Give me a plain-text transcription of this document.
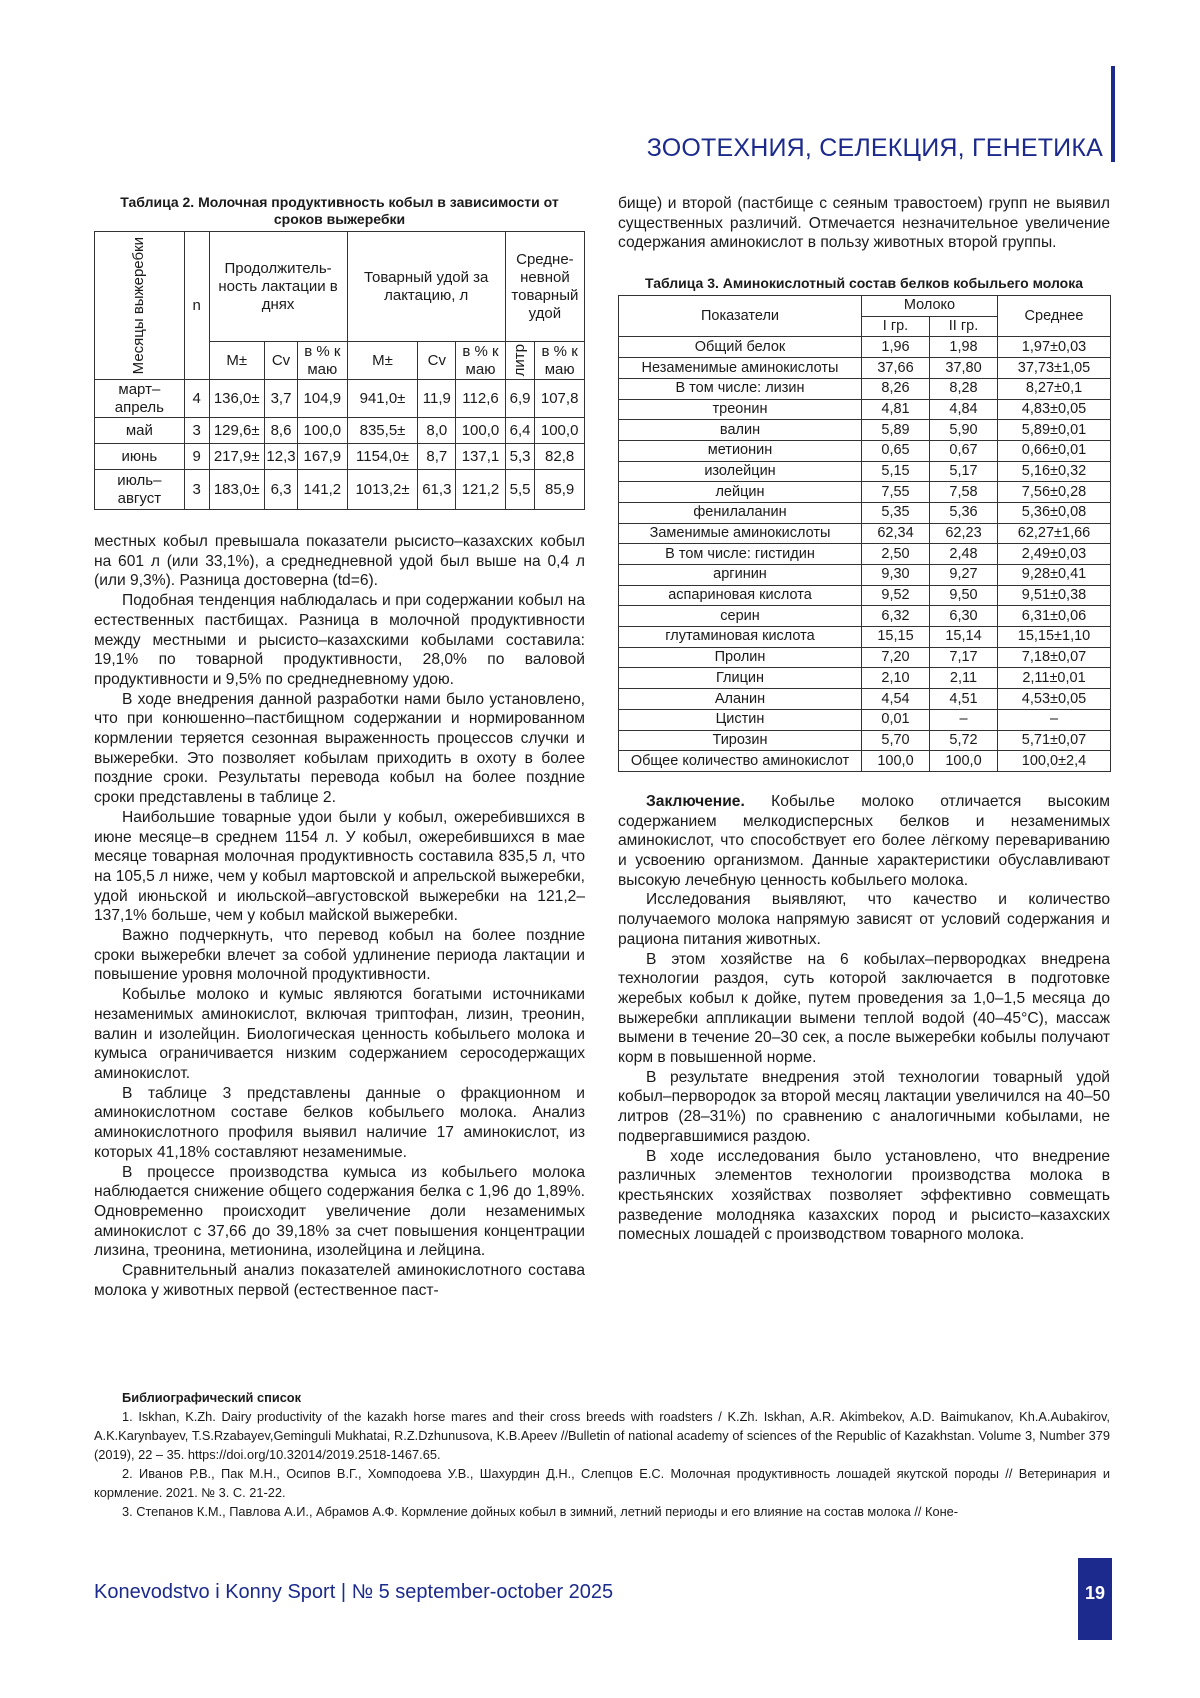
ЗООТЕХНИЯ, СЕЛЕКЦИЯ, ГЕНЕТИКА
Таблица 2. Молочная продуктивность кобыл в зависимости от сроков выжеребки
Месяцы выжеребки	n	Продолжитель-ность лактации в днях			Товарный удой за лактацию, л			Средне-невной товарный удой	
		М±	Cv	в % к маю	М±	Cv	в % к маю	литр	в % к маю
март–апрель	4	136,0±	3,7	104,9	941,0±	11,9	112,6	6,9	107,8
май	3	129,6±	8,6	100,0	835,5±	8,0	100,0	6,4	100,0
июнь	9	217,9±	12,3	167,9	1154,0±	8,7	137,1	5,3	82,8
июль–август	3	183,0±	6,3	141,2	1013,2±	61,3	121,2	5,5	85,9

местных кобыл превышала показатели рысисто–казахских кобыл на 601 л (или 33,1%), а среднедневной удой был выше на 0,4 л (или 9,3%). Разница достоверна (td=6).

Подобная тенденция наблюдалась и при содержании кобыл на естественных пастбищах. Разница в молочной продуктивности между местными и рысисто–казахскими кобылами составила: 19,1% по товарной продуктивности, 28,0% по валовой продуктивности и 9,5% по среднедневному удою.

В ходе внедрения данной разработки нами было установлено, что при конюшенно–пастбищном содержании и нормированном кормлении теряется сезонная выраженность процессов случки и выжеребки. Это позволяет кобылам приходить в охоту в более поздние сроки. Результаты перевода кобыл на более поздние сроки представлены в таблице 2.

Наибольшие товарные удои были у кобыл, ожеребившихся в июне месяце–в среднем 1154 л. У кобыл, ожеребившихся в мае месяце товарная молочная продуктивность составила 835,5 л, что на 105,5 л ниже, чем у кобыл мартовской и апрельской выжеребки, удой июньской и июльской–августовской выжеребки на 121,2–137,1% больше, чем у кобыл майской выжеребки.

Важно подчеркнуть, что перевод кобыл на более поздние сроки выжеребки влечет за собой удлинение периода лактации и повышение уровня молочной продуктивности.

Кобылье молоко и кумыс являются богатыми источниками незаменимых аминокислот, включая триптофан, лизин, треонин, валин и изолейцин. Биологическая ценность кобыльего молока и кумыса ограничивается низким содержанием серосодержащих аминокислот.

В таблице 3 представлены данные о фракционном и аминокислотном составе белков кобыльего молока. Анализ аминокислотного профиля выявил наличие 17 аминокислот, из которых 41,18% составляют незаменимые.

В процессе производства кумыса из кобыльего молока наблюдается снижение общего содержания белка с 1,96 до 1,89%. Одновременно происходит увеличение доли незаменимых аминокислот с 37,66 до 39,18% за счет повышения концентрации лизина, треонина, метионина, изолейцина и лейцина.

Сравнительный анализ показателей аминокислотного состава молока у животных первой (естественное паст-

бище) и второй (пастбище с сеяным травостоем) групп не выявил существенных различий. Отмечается незначительное увеличение содержания аминокислот в пользу животных второй группы.

Таблица 3. Аминокислотный состав белков кобыльего молока
Показатели	Молоко		Среднее
	I гр.	II гр.	
Общий белок	1,96	1,98	1,97±0,03
Незаменимые аминокислоты	37,66	37,80	37,73±1,05
В том числе: лизин	8,26	8,28	8,27±0,1
треонин	4,81	4,84	4,83±0,05
валин	5,89	5,90	5,89±0,01
метионин	0,65	0,67	0,66±0,01
изолейцин	5,15	5,17	5,16±0,32
лейцин	7,55	7,58	7,56±0,28
фенилаланин	5,35	5,36	5,36±0,08
Заменимые аминокислоты	62,34	62,23	62,27±1,66
В том числе: гистидин	2,50	2,48	2,49±0,03
аргинин	9,30	9,27	9,28±0,41
аспариновая кислота	9,52	9,50	9,51±0,38
серин	6,32	6,30	6,31±0,06
глутаминовая кислота	15,15	15,14	15,15±1,10
Пролин	7,20	7,17	7,18±0,07
Глицин	2,10	2,11	2,11±0,01
Аланин	4,54	4,51	4,53±0,05
Цистин	0,01	–	–
Тирозин	5,70	5,72	5,71±0,07
Общее количество аминокислот	100,0	100,0	100,0±2,4

Заключение. Кобылье молоко отличается высоким содержанием мелкодисперсных белков и незаменимых аминокислот, что способствует его более лёгкому перевариванию и усвоению организмом. Данные характеристики обуславливают высокую лечебную ценность кобыльего молока.

Исследования выявляют, что качество и количество получаемого молока напрямую зависят от условий содержания и рациона питания животных.

В этом хозяйстве на 6 кобылах–первородках внедрена технологии раздоя, суть которой заключается в подготовке жеребых кобыл к дойке, путем проведения за 1,0–1,5 месяца до выжеребки аппликации вымени теплой водой (40–45°С), массаж вымени в течение 20–30 сек, а после выжеребки кобылы получают корм в повышенной норме.

В результате внедрения этой технологии товарный удой кобыл–первородок за второй месяц лактации увеличился на 40–50 литров (28–31%) по сравнению с аналогичными кобылами, не подвергавшимися раздою.

В ходе исследования было установлено, что внедрение различных элементов технологии производства молока в крестьянских хозяйствах позволяет эффективно совмещать разведение молодняка казахских пород и рысисто–казахских помесных лошадей с производством товарного молока.

Библиографический список
1. Iskhan, K.Zh. Dairy productivity of the kazakh horse mares and their cross breeds with roadsters / K.Zh. Iskhan, A.R. Akimbekov, A.D. Baimukanov, Kh.A.Aubakirov, A.K.Karynbayev, T.S.Rzabayev,Geminguli Mukhatai, R.Z.Dzhunusova, K.B.Apeev //Bulletin of national academy of sciences of the Republic of Kazakhstan. Volume 3, Number 379 (2019), 22 – 35. https://doi.org/10.32014/2019.2518-1467.65.
2. Иванов Р.В., Пак М.Н., Осипов В.Г., Хомподоева У.В., Шахурдин Д.Н., Слепцов Е.С. Молочная продуктивность лошадей якутской породы // Ветеринария и кормление. 2021. № 3. С. 21-22.
3. Степанов К.М., Павлова А.И., Абрамов А.Ф. Кормление дойных кобыл в зимний, летний периоды и его влияние на состав молока // Коне-
Konevodstvo i Konny Sport | № 5 september-october 2025	19
